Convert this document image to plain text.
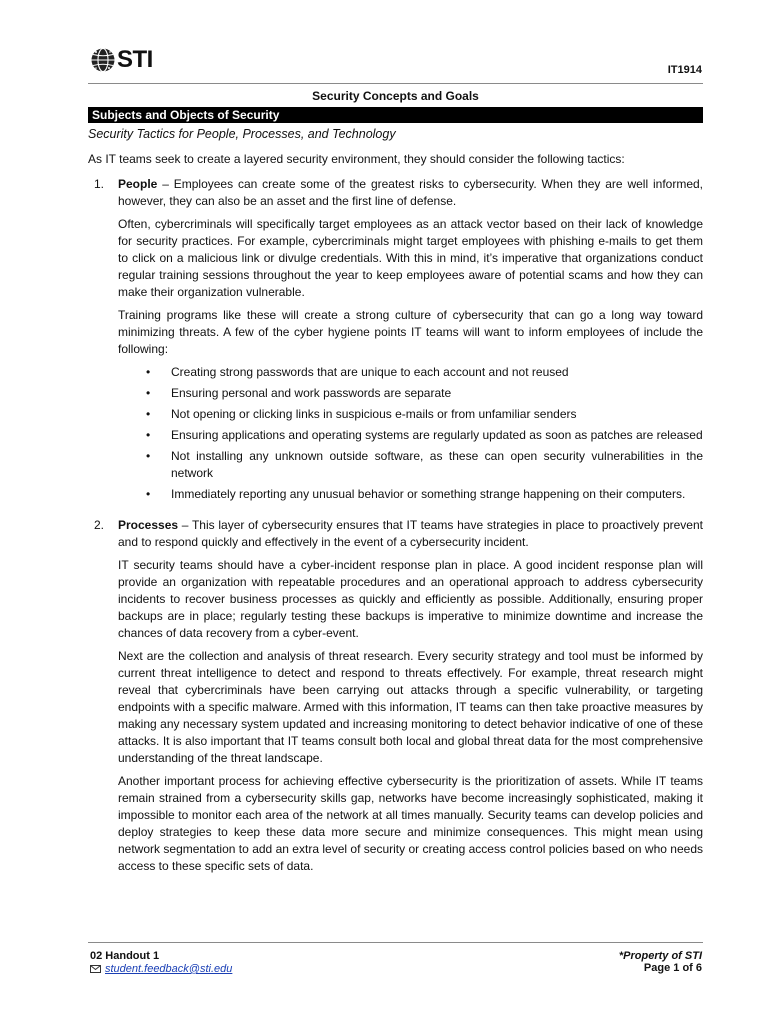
STI	IT1914
Security Concepts and Goals
Subjects and Objects of Security
Security Tactics for People, Processes, and Technology

As IT teams seek to create a layered security environment, they should consider the following tactics:

1.	People – Employees can create some of the greatest risks to cybersecurity. When they are well informed, however, they can also be an asset and the first line of defense.

Often, cybercriminals will specifically target employees as an attack vector based on their lack of knowledge for security practices. For example, cybercriminals might target employees with phishing e-mails to get them to click on a malicious link or divulge credentials. With this in mind, it’s imperative that organizations conduct regular training sessions throughout the year to keep employees aware of potential scams and how they can make their organization vulnerable.

Training programs like these will create a strong culture of cybersecurity that can go a long way toward minimizing threats. A few of the cyber hygiene points IT teams will want to inform employees of include the following:

•	Creating strong passwords that are unique to each account and not reused
•	Ensuring personal and work passwords are separate
•	Not opening or clicking links in suspicious e-mails or from unfamiliar senders
•	Ensuring applications and operating systems are regularly updated as soon as patches are released
•	Not installing any unknown outside software, as these can open security vulnerabilities in the network
•	Immediately reporting any unusual behavior or something strange happening on their computers.
2.	Processes – This layer of cybersecurity ensures that IT teams have strategies in place to proactively prevent and to respond quickly and effectively in the event of a cybersecurity incident.

IT security teams should have a cyber-incident response plan in place. A good incident response plan will provide an organization with repeatable procedures and an operational approach to address cybersecurity incidents to recover business processes as quickly and efficiently as possible. Additionally, ensuring proper backups are in place; regularly testing these backups is imperative to minimize downtime and increase the chances of data recovery from a cyber-event.

Next are the collection and analysis of threat research. Every security strategy and tool must be informed by current threat intelligence to detect and respond to threats effectively. For example, threat research might reveal that cybercriminals have been carrying out attacks through a specific vulnerability, or targeting endpoints with a specific malware. Armed with this information, IT teams can then take proactive measures by making any necessary system updated and increasing monitoring to detect behavior indicative of one of these attacks. It is also important that IT teams consult both local and global threat data for the most comprehensive understanding of the threat landscape.

Another important process for achieving effective cybersecurity is the prioritization of assets. While IT teams remain strained from a cybersecurity skills gap, networks have become increasingly sophisticated, making it impossible to monitor each area of the network at all times manually. Security teams can develop policies and deploy strategies to keep these data more secure and minimize consequences. This might mean using network segmentation to add an extra level of security or creating access control policies based on who needs access to these specific sets of data.

02 Handout 1
student.feedback@sti.edu
*Property of STI
Page 1 of 6
